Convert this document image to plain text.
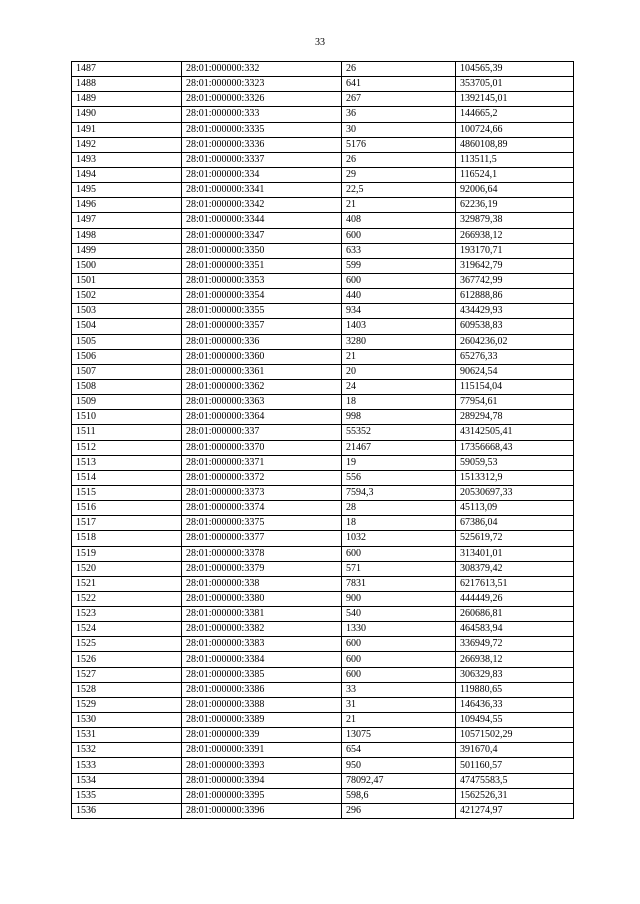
33
1487	28:01:000000:332	26	104565,39
1488	28:01:000000:3323	641	353705,01
1489	28:01:000000:3326	267	1392145,01
1490	28:01:000000:333	36	144665,2
1491	28:01:000000:3335	30	100724,66
1492	28:01:000000:3336	5176	4860108,89
1493	28:01:000000:3337	26	113511,5
1494	28:01:000000:334	29	116524,1
1495	28:01:000000:3341	22,5	92006,64
1496	28:01:000000:3342	21	62236,19
1497	28:01:000000:3344	408	329879,38
1498	28:01:000000:3347	600	266938,12
1499	28:01:000000:3350	633	193170,71
1500	28:01:000000:3351	599	319642,79
1501	28:01:000000:3353	600	367742,99
1502	28:01:000000:3354	440	612888,86
1503	28:01:000000:3355	934	434429,93
1504	28:01:000000:3357	1403	609538,83
1505	28:01:000000:336	3280	2604236,02
1506	28:01:000000:3360	21	65276,33
1507	28:01:000000:3361	20	90624,54
1508	28:01:000000:3362	24	115154,04
1509	28:01:000000:3363	18	77954,61
1510	28:01:000000:3364	998	289294,78
1511	28:01:000000:337	55352	43142505,41
1512	28:01:000000:3370	21467	17356668,43
1513	28:01:000000:3371	19	59059,53
1514	28:01:000000:3372	556	1513312,9
1515	28:01:000000:3373	7594,3	20530697,33
1516	28:01:000000:3374	28	45113,09
1517	28:01:000000:3375	18	67386,04
1518	28:01:000000:3377	1032	525619,72
1519	28:01:000000:3378	600	313401,01
1520	28:01:000000:3379	571	308379,42
1521	28:01:000000:338	7831	6217613,51
1522	28:01:000000:3380	900	444449,26
1523	28:01:000000:3381	540	260686,81
1524	28:01:000000:3382	1330	464583,94
1525	28:01:000000:3383	600	336949,72
1526	28:01:000000:3384	600	266938,12
1527	28:01:000000:3385	600	306329,83
1528	28:01:000000:3386	33	119880,65
1529	28:01:000000:3388	31	146436,33
1530	28:01:000000:3389	21	109494,55
1531	28:01:000000:339	13075	10571502,29
1532	28:01:000000:3391	654	391670,4
1533	28:01:000000:3393	950	501160,57
1534	28:01:000000:3394	78092,47	47475583,5
1535	28:01:000000:3395	598,6	1562526,31
1536	28:01:000000:3396	296	421274,97
